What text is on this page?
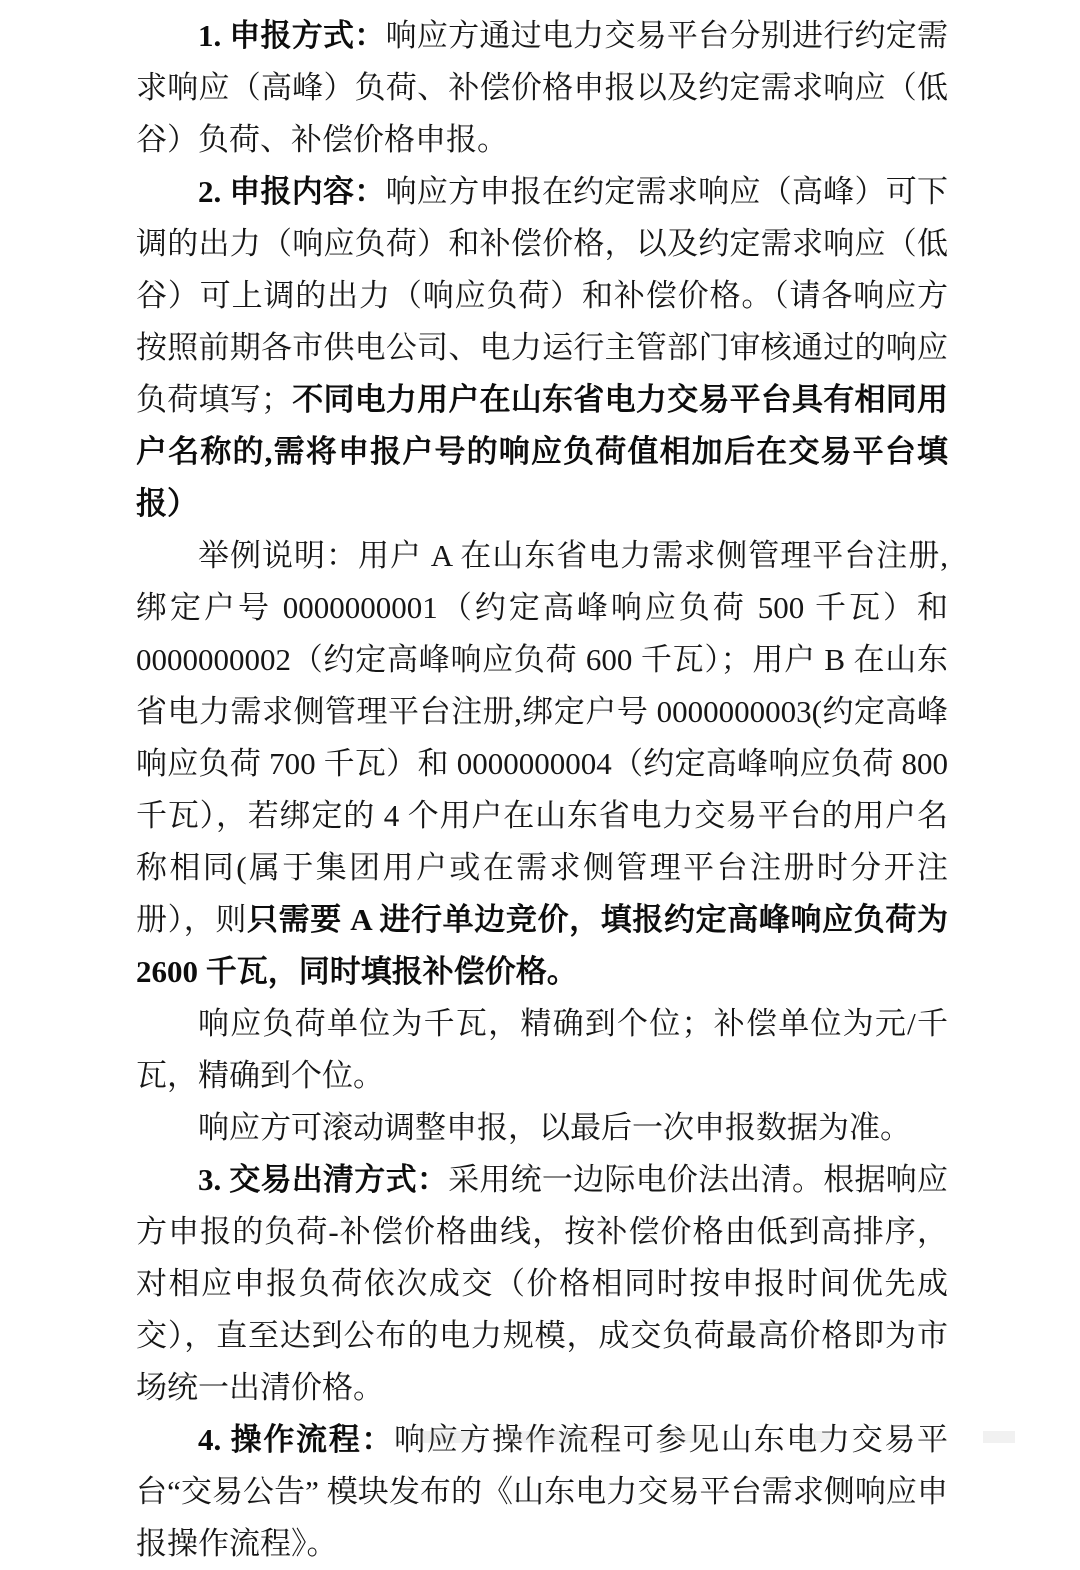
1. 申报方式：响应方通过电力交易平台分别进行约定需求响应（高峰）负荷、补偿价格申报以及约定需求响应（低谷）负荷、补偿价格申报。

2. 申报内容：响应方申报在约定需求响应（高峰）可下调的出力（响应负荷）和补偿价格，以及约定需求响应（低谷）可上调的出力（响应负荷）和补偿价格。（请各响应方按照前期各市供电公司、电力运行主管部门审核通过的响应负荷填写；不同电力用户在山东省电力交易平台具有相同用户名称的,需将申报户号的响应负荷值相加后在交易平台填报）

举例说明：用户 A 在山东省电力需求侧管理平台注册, 绑定户号 0000000001（约定高峰响应负荷 500 千瓦）和 0000000002（约定高峰响应负荷 600 千瓦）；用户 B 在山东省电力需求侧管理平台注册,绑定户号 0000000003(约定高峰响应负荷 700 千瓦）和 0000000004（约定高峰响应负荷 800 千瓦），若绑定的 4 个用户在山东省电力交易平台的用户名称相同(属于集团用户或在需求侧管理平台注册时分开注册），则只需要 A 进行单边竞价，填报约定高峰响应负荷为 2600 千瓦，同时填报补偿价格。

响应负荷单位为千瓦，精确到个位；补偿单位为元/千瓦，精确到个位。

响应方可滚动调整申报，以最后一次申报数据为准。

3. 交易出清方式：采用统一边际电价法出清。根据响应方申报的负荷-补偿价格曲线，按补偿价格由低到高排序，对相应申报负荷依次成交（价格相同时按申报时间优先成交），直至达到公布的电力规模，成交负荷最高价格即为市场统一出清价格。

4. 操作流程：响应方操作流程可参见山东电力交易平台“交易公告” 模块发布的《山东电力交易平台需求侧响应申报操作流程》。
